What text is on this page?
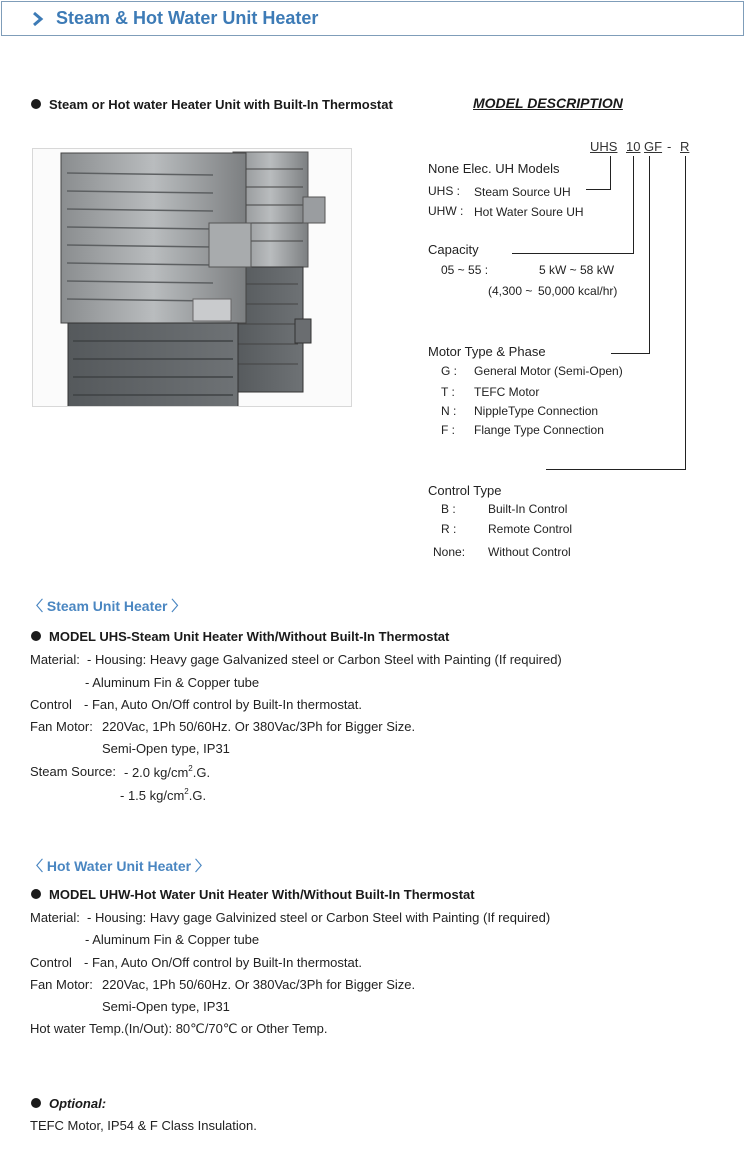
Steam & Hot Water Unit Heater
Steam or Hot water Heater Unit with Built-In Thermostat	MODEL DESCRIPTION
UHS 10 GF - R
None Elec. UH Models
UHS : Steam Source UH
UHW : Hot Water Soure UH
Capacity
05 ~ 55 :	5 kW ~ 58 kW
(4,300 ~ 50,000 kcal/hr)
Motor Type & Phase
G : General Motor (Semi-Open)
T : TEFC Motor
N : NippleType Connection
F : Flange Type Connection
Control Type
B :	Built-In Control
R :	Remote Control
None: Without Control
〈 Steam Unit Heater 〉
MODEL UHS-Steam Unit Heater With/Without Built-In Thermostat
Material: - Housing: Heavy gage Galvanized steel or Carbon Steel with Painting (If required)
- Aluminum Fin & Copper tube
Control - Fan, Auto On/Off control by Built-In thermostat.
Fan Motor: 220Vac, 1Ph 50/60Hz. Or 380Vac/3Ph for Bigger Size.
Semi-Open type, IP31
Steam Source: - 2.0 $kg/cm^2.G$.
- 1.5 $kg/cm^2.G$.
〈 Hot Water Unit Heater 〉
MODEL UHW-Hot Water Unit Heater With/Without Built-In Thermostat
Material: - Housing: Havy gage Galvinized steel or Carbon Steel with Painting (If required)
- Aluminum Fin & Copper tube
Control - Fan, Auto On/Off control by Built-In thermostat.
Fan Motor: 220Vac, 1Ph 50/60Hz. Or 380Vac/3Ph for Bigger Size.
Semi-Open type, IP31
Hot water Temp.(In/Out): 80℃/70℃ or Other Temp.
Optional:
TEFC Motor, IP54 & F Class Insulation.
